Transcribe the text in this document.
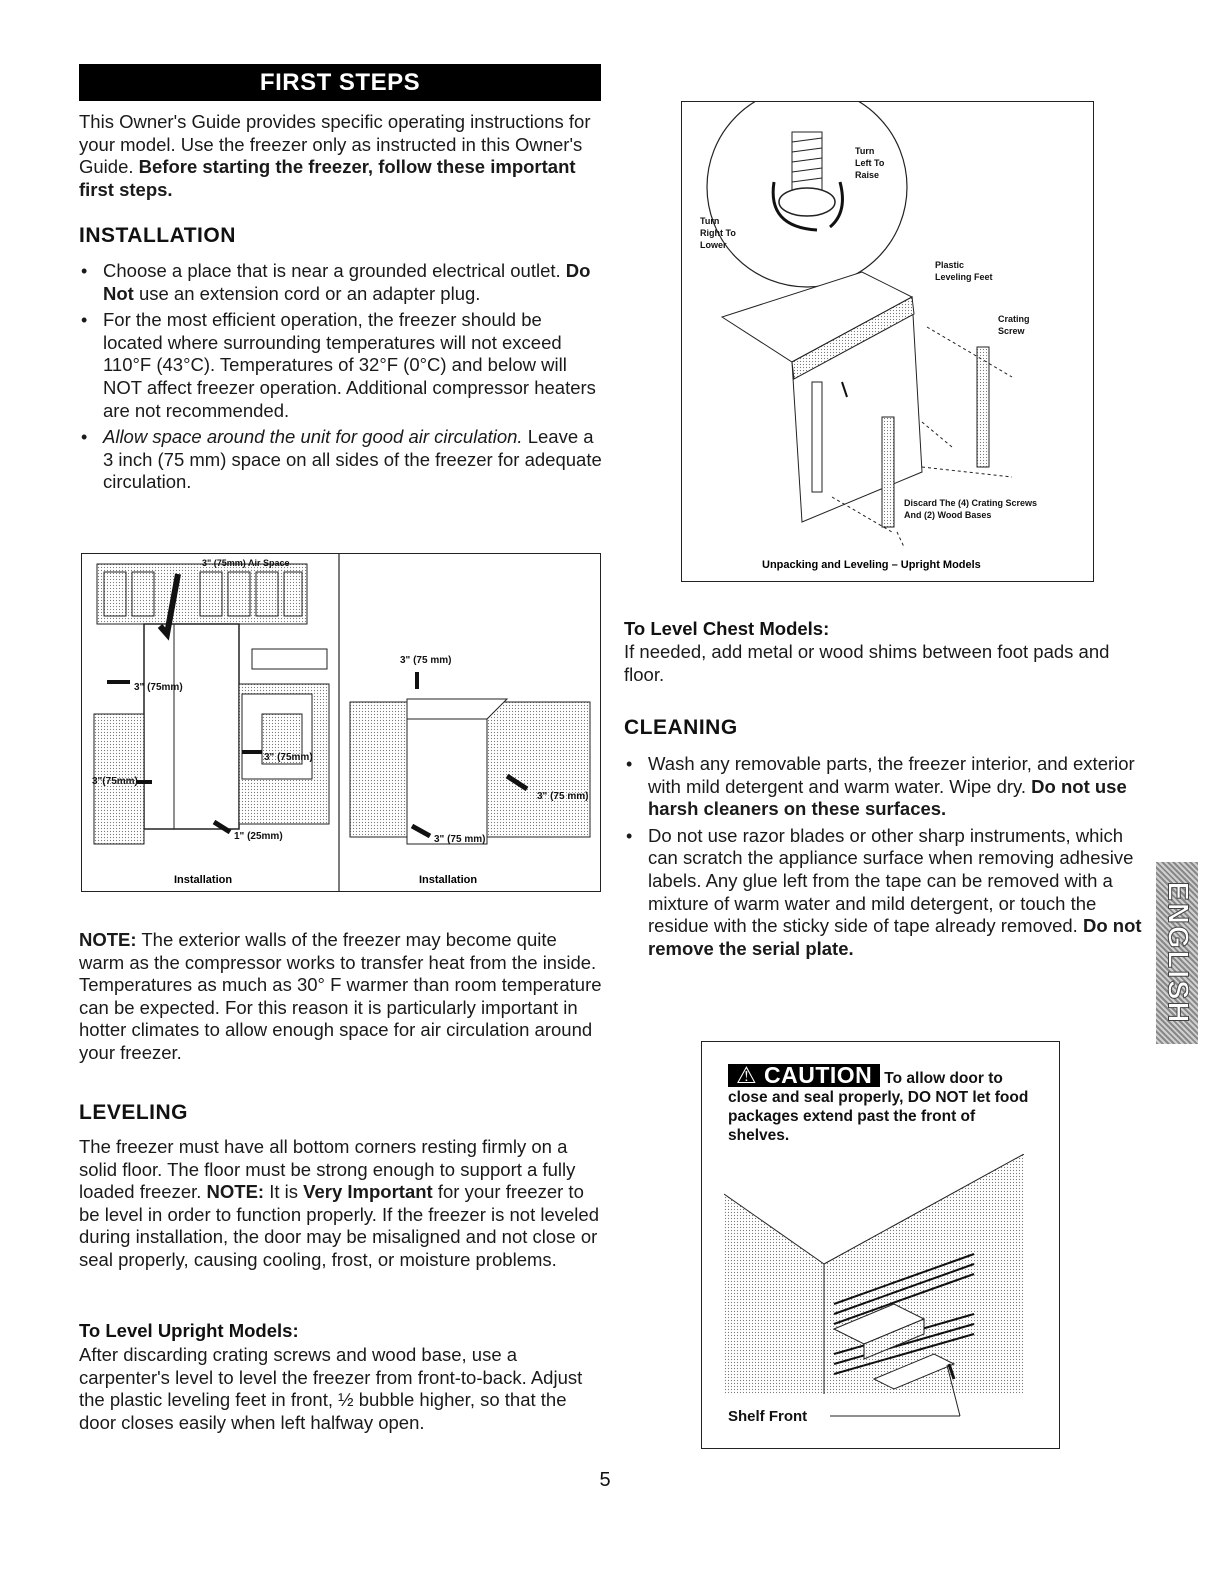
FIRST STEPS
This Owner's Guide provides specific operating instructions for your model. Use the freezer only as instructed in this Owner's Guide. Before starting the freezer, follow these important first steps.
INSTALLATION
• Choose a place that is near a grounded electrical outlet. Do Not use an extension cord or an adapter plug.
• For the most efficient operation, the freezer should be located where surrounding temperatures will not exceed 110°F (43°C). Temperatures of 32°F (0°C) and below will NOT affect freezer operation. Additional compressor heaters are not recommended.
• Allow space around the unit for good air circulation. Leave a 3 inch (75 mm) space on all sides of the freezer for adequate circulation.
3" (75mm) Air Space
3" (75mm)
3" (75mm)
3"(75mm)
1" (25mm)
3" (75 mm)
3" (75 mm)
3" (75 mm)
Installation	Installation
NOTE: The exterior walls of the freezer may become quite warm as the compressor works to transfer heat from the inside. Temperatures as much as 30° F warmer than room temperature can be expected. For this reason it is particularly important in hotter climates to allow enough space for air circulation around your freezer.
LEVELING
The freezer must have all bottom corners resting firmly on a solid floor. The floor must be strong enough to support a fully loaded freezer. NOTE: It is Very Important for your freezer to be level in order to function properly. If the freezer is not leveled during installation, the door may be misaligned and not close or seal properly, causing cooling, frost, or moisture problems.
To Level Upright Models:
After discarding crating screws and wood base, use a carpenter's level to level the freezer from front-to-back. Adjust the plastic leveling feet in front, ½ bubble higher, so that the door closes easily when left halfway open.
Turn
Left To
Raise
Turn
Right To
Lower
Plastic
Leveling Feet
Crating
Screw
Discard The (4) Crating Screws
And (2) Wood Bases
Unpacking and Leveling – Upright Models
To Level Chest Models:
If needed, add metal or wood shims between foot pads and floor.
CLEANING
• Wash any removable parts, the freezer interior, and exterior with mild detergent and warm water. Wipe dry. Do not use harsh cleaners on these surfaces.
• Do not use razor blades or other sharp instruments, which can scratch the appliance surface when removing adhesive labels. Any glue left from the tape can be removed with a mixture of warm water and mild detergent, or touch the residue with the sticky side of tape already removed. Do not remove the serial plate.	ENGLISH
⚠ CAUTION To allow door to close and seal properly, DO NOT let food packages extend past the front of shelves.
Shelf Front
5
